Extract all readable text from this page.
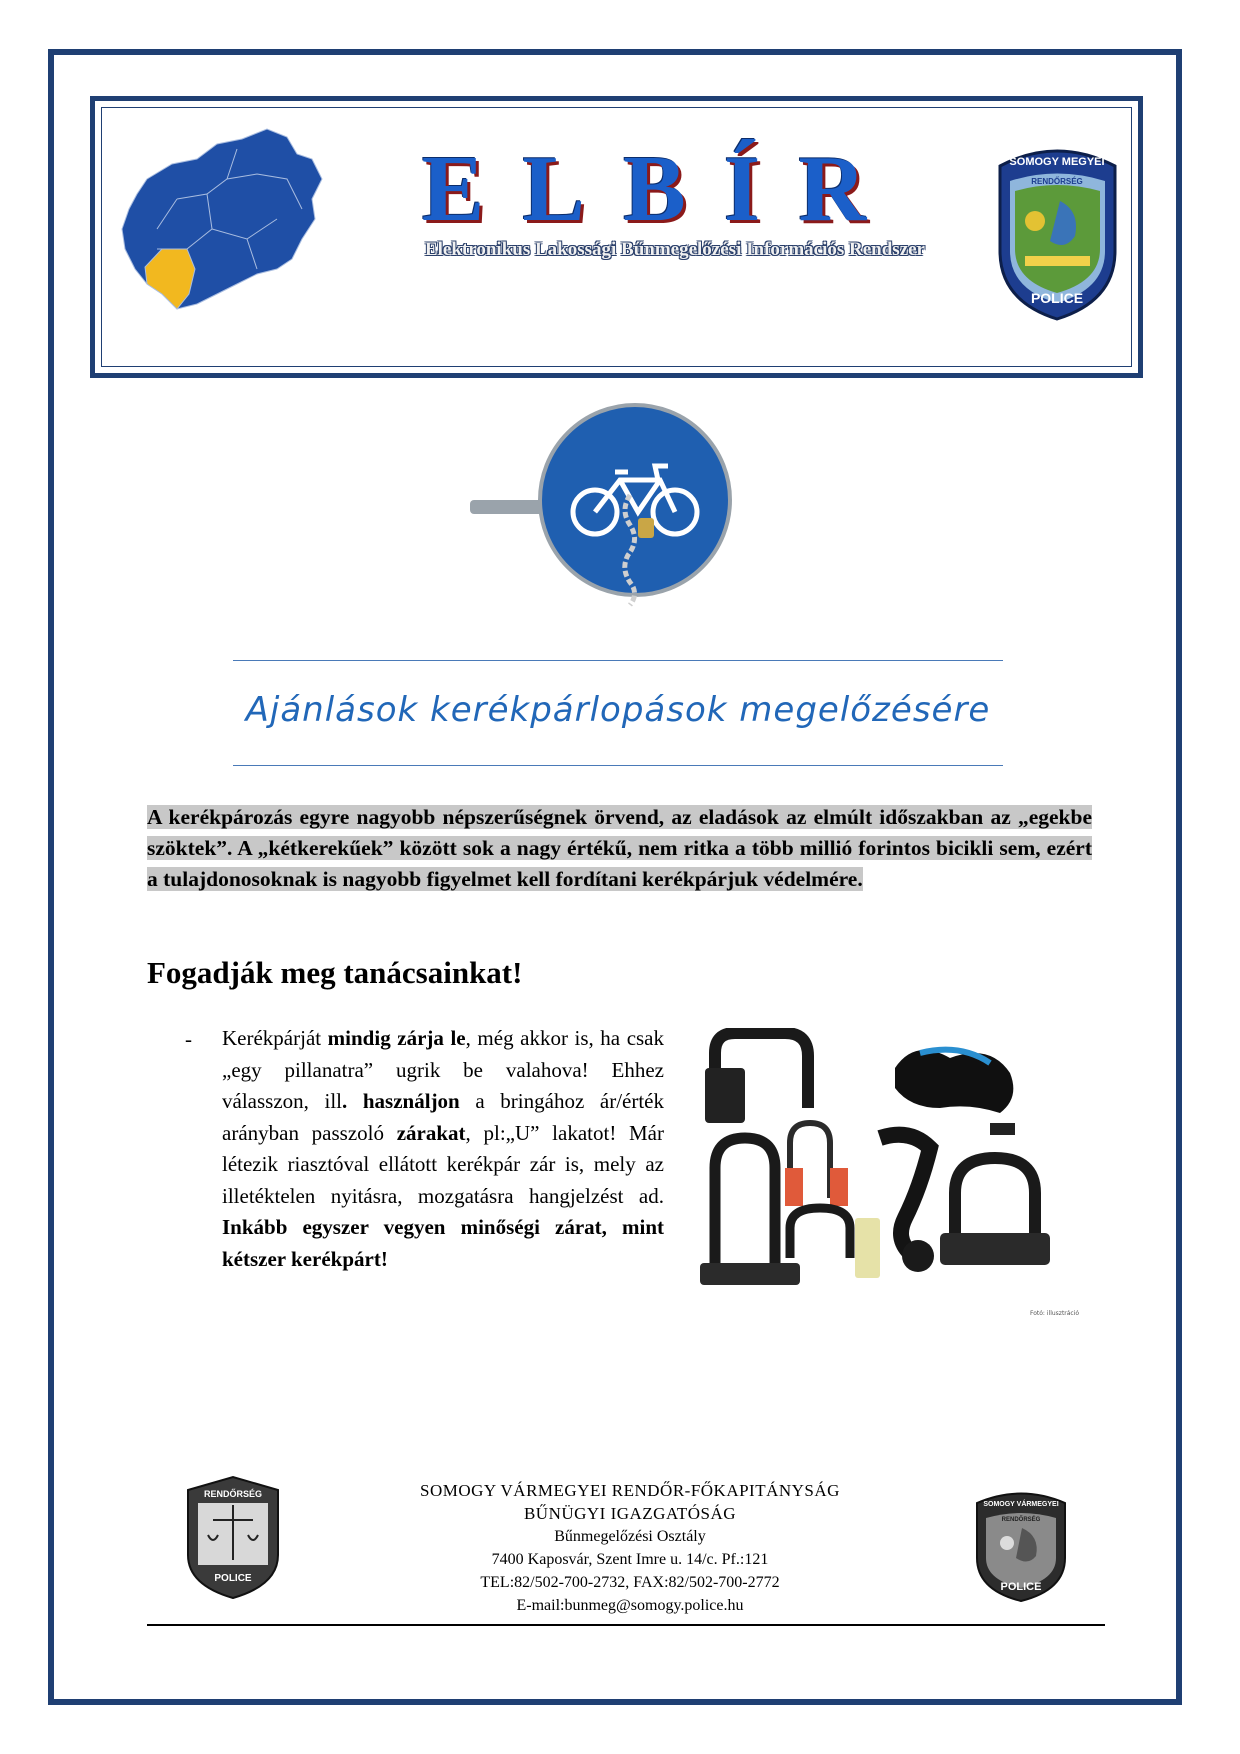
ELBÍR
Elektronikus Lakossági Bűnmegelőzési Információs Rendszer
SOMOGY MEGYEI
RENDŐRSÉG
POLICE
Ajánlások kerékpárlopások megelőzésére
A kerékpározás egyre nagyobb népszerűségnek örvend, az eladások az elmúlt időszakban az „egekbe szöktek”. A „kétkerekűek” között sok a nagy értékű, nem ritka a több millió forintos bicikli sem, ezért a tulajdonosoknak is nagyobb figyelmet kell fordítani kerékpárjuk védelmére.
Fogadják meg tanácsainkat!
- Kerékpárját mindig zárja le, még akkor is, ha csak „egy pillanatra” ugrik be valahova! Ehhez válasszon, ill. használjon a bringához ár/érték arányban passzoló zárakat, pl:„U” lakatot! Már létezik riasztóval ellátott kerékpár zár is, mely az illetéktelen nyitásra, mozgatásra hangjelzést ad. Inkább egyszer vegyen minőségi zárat, mint kétszer kerékpárt!
Fotó: illusztráció
RENDŐRSÉG
POLICE
SOMOGY VÁRMEGYEI RENDŐR-FŐKAPITÁNYSÁG
BŰNÜGYI IGAZGATÓSÁG
Bűnmegelőzési Osztály
7400 Kaposvár, Szent Imre u. 14/c. Pf.:121
TEL:82/502-700-2732, FAX:82/502-700-2772
E-mail:bunmeg@somogy.police.hu
SOMOGY VÁRMEGYEI
RENDŐRSÉG
POLICE
